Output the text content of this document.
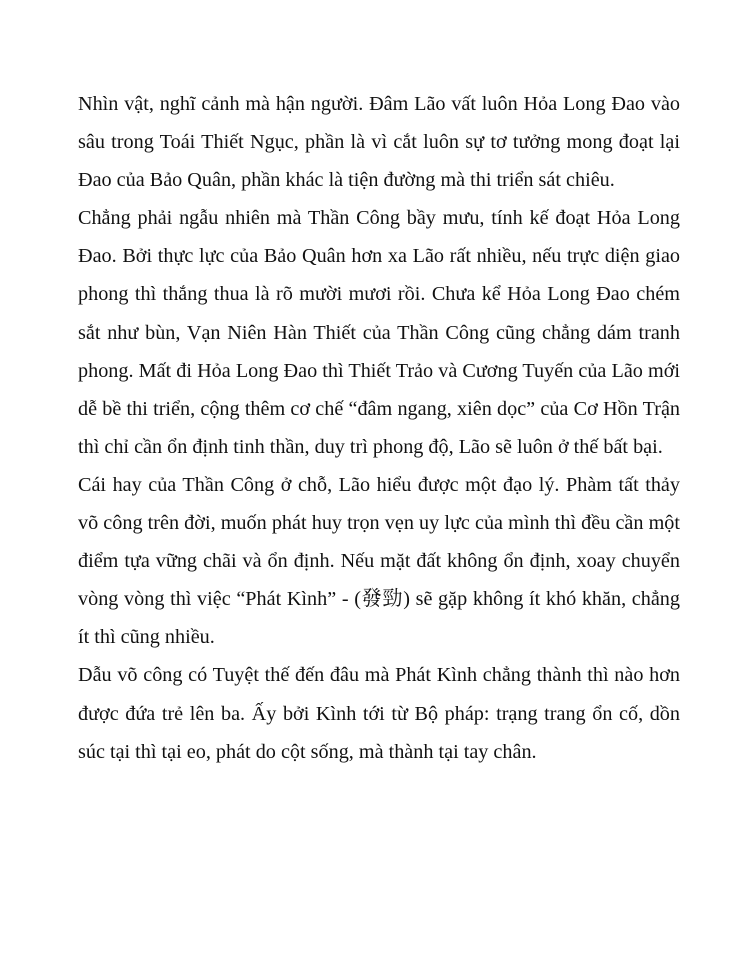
Nhìn vật, nghĩ cảnh mà hận người. Đâm Lão vất luôn Hỏa Long Đao vào sâu trong Toái Thiết Ngục, phần là vì cắt luôn sự tơ tưởng mong đoạt lại Đao của Bảo Quân, phần khác là tiện đường mà thi triển sát chiêu.

Chẳng phải ngẫu nhiên mà Thần Công bầy mưu, tính kế đoạt Hỏa Long Đao. Bởi thực lực của Bảo Quân hơn xa Lão rất nhiều, nếu trực diện giao phong thì thắng thua là rõ mười mươi rồi. Chưa kể Hỏa Long Đao chém sắt như bùn, Vạn Niên Hàn Thiết của Thần Công cũng chẳng dám tranh phong. Mất đi Hỏa Long Đao thì Thiết Trảo và Cương Tuyến của Lão mới dễ bề thi triển, cộng thêm cơ chế “đâm ngang, xiên dọc” của Cơ Hồn Trận thì chỉ cần ổn định tinh thần, duy trì phong độ, Lão sẽ luôn ở thế bất bại.

Cái hay của Thần Công ở chỗ, Lão hiểu được một đạo lý. Phàm tất thảy võ công trên đời, muốn phát huy trọn vẹn uy lực của mình thì đều cần một điểm tựa vững chãi và ổn định. Nếu mặt đất không ổn định, xoay chuyển vòng vòng thì việc “Phát Kình” - (發勁) sẽ gặp không ít khó khăn, chẳng ít thì cũng nhiều.

Dẫu võ công có Tuyệt thế đến đâu mà Phát Kình chẳng thành thì nào hơn được đứa trẻ lên ba. Ấy bởi Kình tới từ Bộ pháp: trạng trang ổn cố, dồn súc tại thì tại eo, phát do cột sống, mà thành tại tay chân.
